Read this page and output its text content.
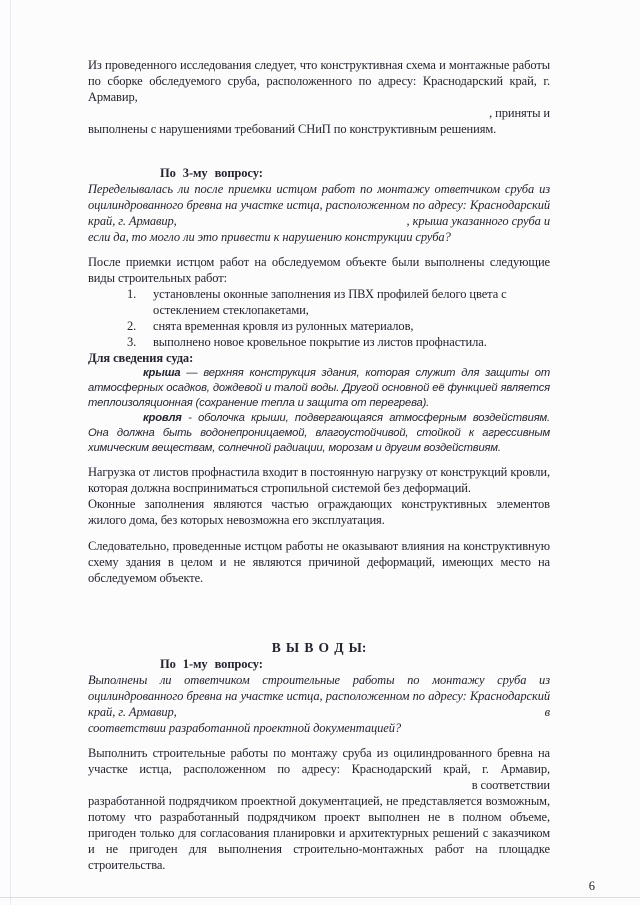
Из проведенного исследования следует, что конструктивная схема и монтажные работы по сборке обследуемого сруба, расположенного по адресу: Краснодарский край, г. Армавир,
, приняты и
выполнены с нарушениями требований СНиП по конструктивным решениям.
По 3-му вопросу:
Переделывалась ли после приемки истцом работ по монтажу ответчиком сруба из оцилиндрованного бревна на участке истца, расположенном по адресу: Краснодарский
край, г. Армавир,	, крыша указанного сруба и
если да, то могло ли это привести к нарушению конструкции сруба?
После приемки истцом работ на обследуемом объекте были выполнены следующие виды строительных работ:
1.	установлены оконные заполнения из ПВХ профилей белого цвета с остеклением стеклопакетами,
2.	снята временная кровля из рулонных материалов,
3.	выполнено новое кровельное покрытие из листов профнастила.
Для сведения суда:
крыша — верхняя конструкция здания, которая служит для защиты от атмосферных осадков, дождевой и талой воды. Другой основной её функцией является теплоизоляционная (сохранение тепла и защита от перегрева).
кровля - оболочка крыши, подвергающаяся атмосферным воздействиям. Она должна быть водонепроницаемой, влагоустойчивой, стойкой к агрессивным химическим веществам, солнечной радиации, морозам и другим воздействиям.
Нагрузка от листов профнастила входит в постоянную нагрузку от конструкций кровли, которая должна восприниматься стропильной системой без деформаций.
Оконные заполнения являются частью ограждающих конструктивных элементов жилого дома, без которых невозможна его эксплуатация.
Следовательно, проведенные истцом работы не оказывают влияния на конструктивную схему здания в целом и не являются причиной деформаций, имеющих место на обследуемом объекте.
В Ы В О Д Ы:
По 1-му вопросу:
Выполнены ли ответчиком строительные работы по монтажу сруба из оцилиндрованного бревна на участке истца, расположенном по адресу: Краснодарский
край, г. Армавир,	в
соответствии разработанной проектной документацией?
Выполнить строительные работы по монтажу сруба из оцилиндрованного бревна на участке истца, расположенном по адресу: Краснодарский край, г. Армавир,
в соответствии
разработанной подрядчиком проектной документацией, не представляется возможным, потому что разработанный подрядчиком проект выполнен не в полном объеме, пригоден только для согласования планировки и архитектурных решений с заказчиком и не пригоден для выполнения строительно-монтажных работ на площадке строительства.
6
